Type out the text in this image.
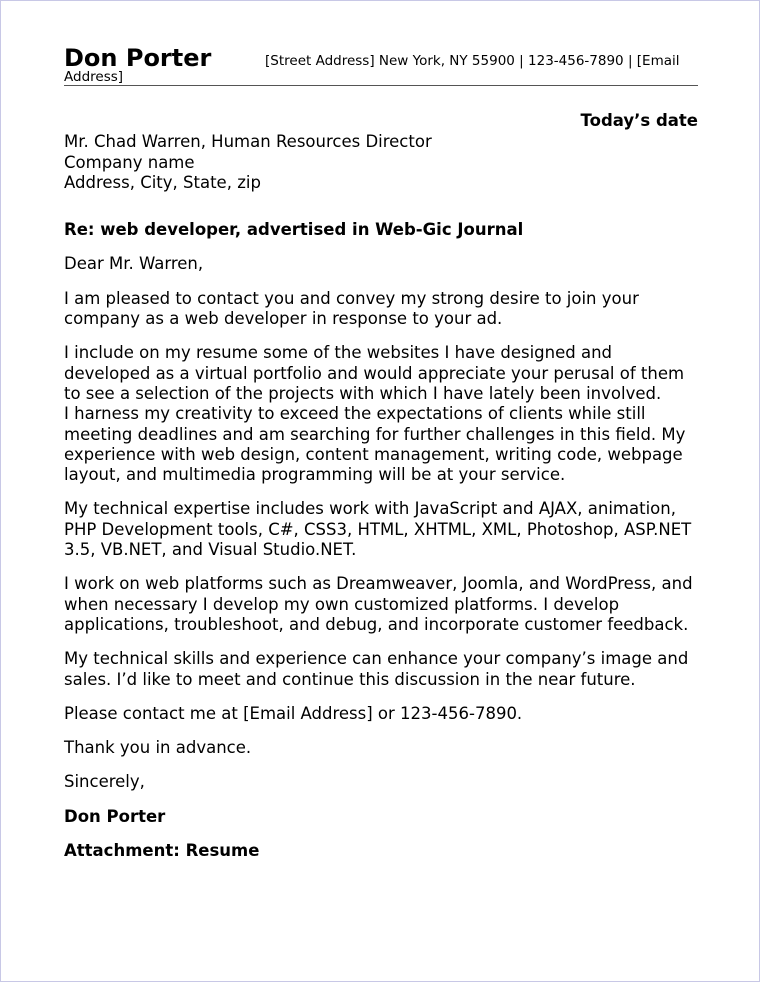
Don Porter	[Street Address] New York, NY 55900 | 123-456-7890 | [Email Address]
Today’s date
Mr. Chad Warren, Human Resources Director
Company name
Address, City, State, zip
Re: web developer, advertised in Web-Gic Journal
Dear Mr. Warren,

I am pleased to contact you and convey my strong desire to join your company as a web developer in response to your ad.

I include on my resume some of the websites I have designed and developed as a virtual portfolio and would appreciate your perusal of them to see a selection of the projects with which I have lately been involved.

I harness my creativity to exceed the expectations of clients while still meeting deadlines and am searching for further challenges in this field. My experience with web design, content management, writing code, webpage layout, and multimedia programming will be at your service.

My technical expertise includes work with JavaScript and AJAX, animation, PHP Development tools, C#, CSS3, HTML, XHTML, XML, Photoshop, ASP.NET 3.5, VB.NET, and Visual Studio.NET.

I work on web platforms such as Dreamweaver, Joomla, and WordPress, and when necessary I develop my own customized platforms. I develop applications, troubleshoot, and debug, and incorporate customer feedback.

My technical skills and experience can enhance your company’s image and sales. I’d like to meet and continue this discussion in the near future.

Please contact me at [Email Address] or 123-456-7890.

Thank you in advance.

Sincerely,

Don Porter
Attachment: Resume
